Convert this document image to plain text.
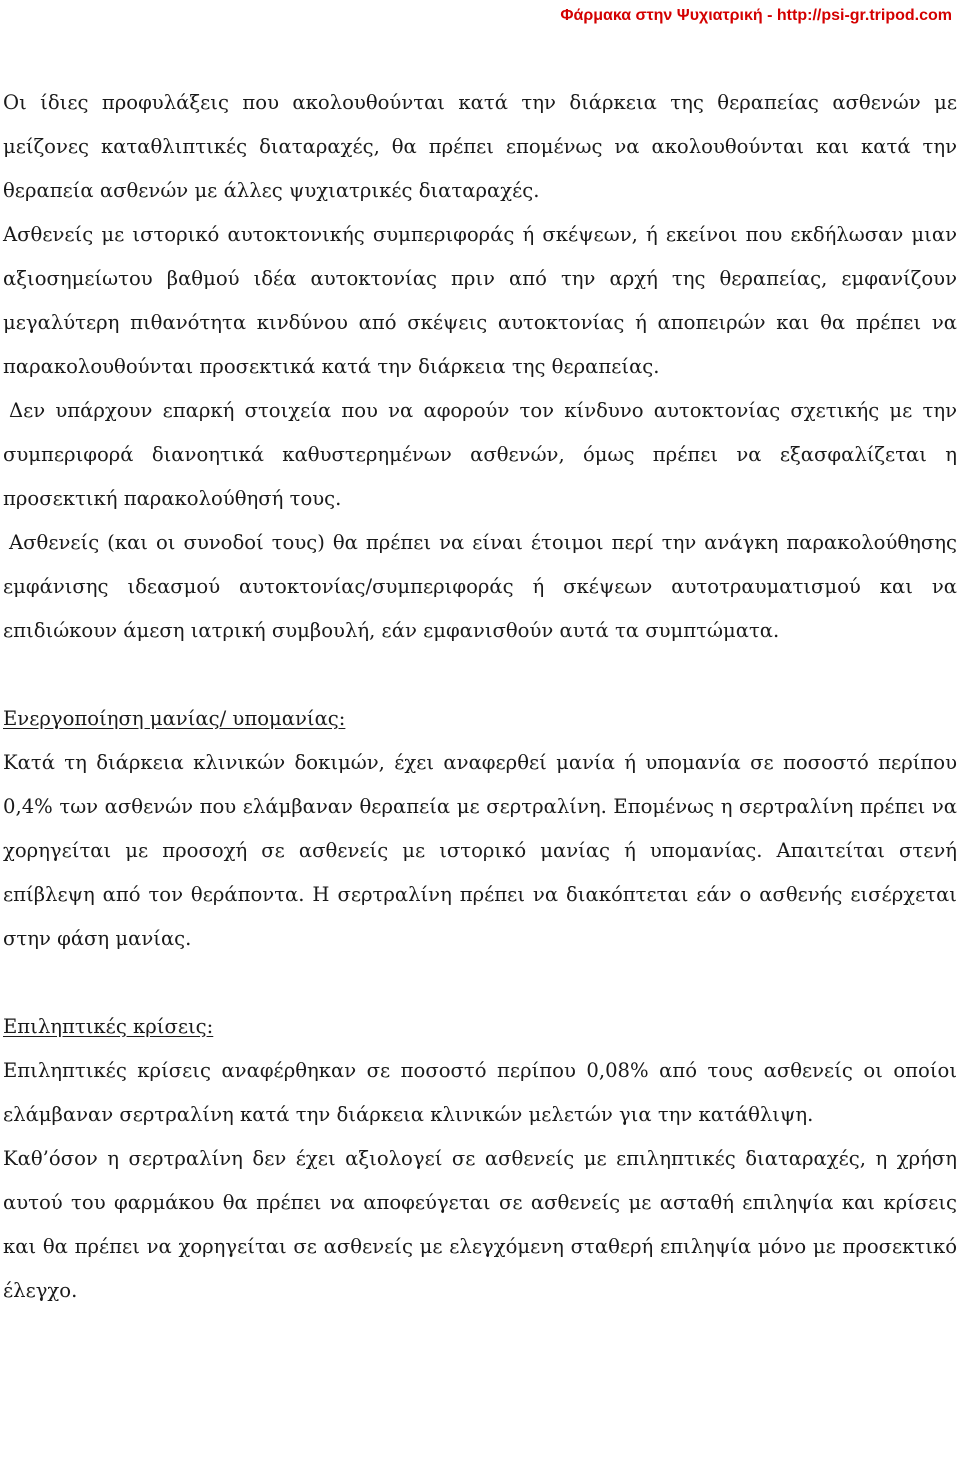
Φάρμακα στην Ψυχιατρική - http://psi-gr.tripod.com

Οι ίδιες προφυλάξεις που ακολουθούνται κατά την διάρκεια της θεραπείας ασθενών με μείζονες καταθλιπτικές διαταραχές, θα πρέπει επομένως να ακολουθούνται και κατά την θεραπεία ασθενών με άλλες ψυχιατρικές διαταραχές.

Ασθενείς με ιστορικό αυτοκτονικής συμπεριφοράς ή σκέψεων, ή εκείνοι που εκδήλωσαν μιαν αξιοσημείωτου βαθμού ιδέα αυτοκτονίας πριν από την αρχή της θεραπείας, εμφανίζουν μεγαλύτερη πιθανότητα κινδύνου από σκέψεις αυτοκτονίας ή αποπειρών και θα πρέπει να παρακολουθούνται προσεκτικά κατά την διάρκεια της θεραπείας.

Δεν υπάρχουν επαρκή στοιχεία που να αφορούν τον κίνδυνο αυτοκτονίας σχετικής με την συμπεριφορά διανοητικά καθυστερημένων ασθενών, όμως πρέπει να εξασφαλίζεται η προσεκτική παρακολούθησή τους.

Ασθενείς (και οι συνοδοί τους) θα πρέπει να είναι έτοιμοι περί την ανάγκη παρακολούθησης εμφάνισης ιδεασμού αυτοκτονίας/συμπεριφοράς ή σκέψεων αυτοτραυματισμού και να επιδιώκουν άμεση ιατρική συμβουλή, εάν εμφανισθούν αυτά τα συμπτώματα.

Ενεργοποίηση μανίας/ υπομανίας:

Κατά τη διάρκεια κλινικών δοκιμών, έχει αναφερθεί μανία ή υπομανία σε ποσοστό περίπου 0,4% των ασθενών που ελάμβαναν θεραπεία με σερτραλίνη. Επομένως η σερτραλίνη πρέπει να χορηγείται με προσοχή σε ασθενείς με ιστορικό μανίας ή υπομανίας. Απαιτείται στενή επίβλεψη από τον θεράποντα. Η σερτραλίνη πρέπει να διακόπτεται εάν ο ασθενής εισέρχεται στην φάση μανίας.

Επιληπτικές κρίσεις:

Επιληπτικές κρίσεις αναφέρθηκαν σε ποσοστό περίπου 0,08% από τους ασθενείς οι οποίοι ελάμβαναν σερτραλίνη κατά την διάρκεια κλινικών μελετών για την κατάθλιψη.

Καθ’όσον η σερτραλίνη δεν έχει αξιολογεί σε ασθενείς με επιληπτικές διαταραχές, η χρήση αυτού του φαρμάκου θα πρέπει να αποφεύγεται σε ασθενείς με ασταθή επιληψία και κρίσεις και θα πρέπει να χορηγείται σε ασθενείς με ελεγχόμενη σταθερή επιληψία μόνο με προσεκτικό έλεγχο.
